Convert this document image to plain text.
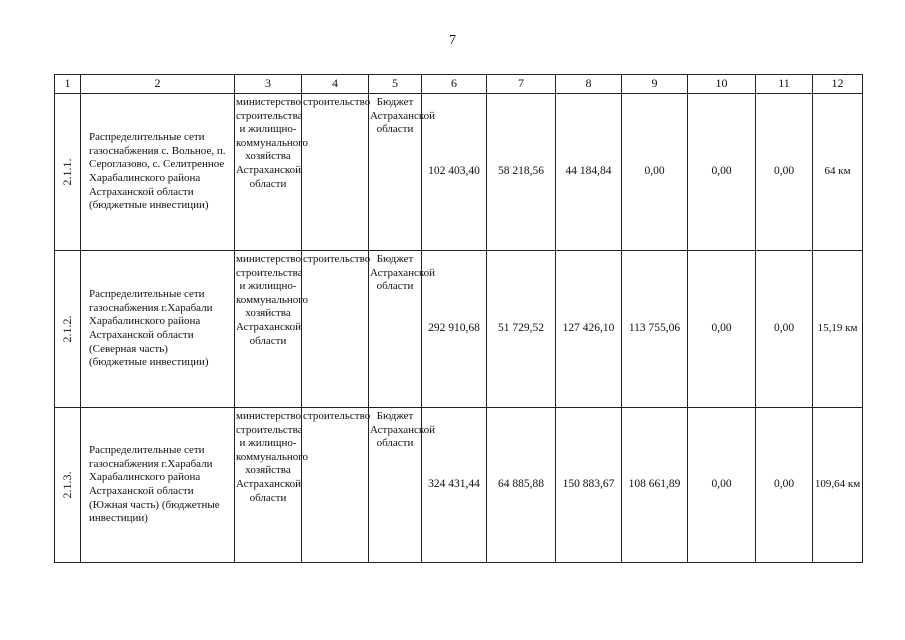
7
1	2	3	4	5	6	7	8	9	10	11	12

2.1.1.	Распределительные сети газоснабжения с. Вольное, п. Сероглазово, с. Селитренное Харабалинского района Астраханской области (бюджетные инвестиции)	министерство строительства
и жилищно-
коммунального
хозяйства
Астраханской области	строительство	Бюджет
Астраханской
области	102 403,40	58 218,56	44 184,84	0,00	0,00	0,00	64 км

2.1.2.	Распределительные сети газоснабжения г.Харабали Харабалинского района Астраханской области (Северная часть) (бюджетные инвестиции)	министерство строительства
и жилищно-
коммунального
хозяйства
Астраханской области	строительство	Бюджет
Астраханской
области	292 910,68	51 729,52	127 426,10	113 755,06	0,00	0,00	15,19 км

2.1.3.	Распределительные сети газоснабжения г.Харабали Харабалинского района Астраханской области (Южная часть) (бюджетные инвестиции)	министерство строительства
и жилищно-
коммунального
хозяйства
Астраханской области	строительство	Бюджет
Астраханской
области	324 431,44	64 885,88	150 883,67	108 661,89	0,00	0,00	109,64 км
